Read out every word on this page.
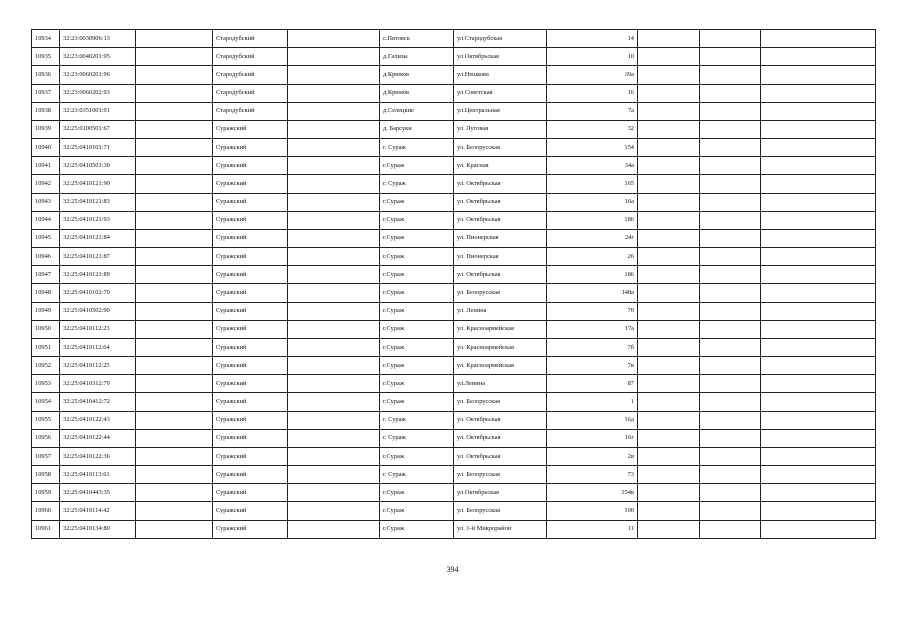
10934	32:23:0030906:13		Стародубский		с.Пятовск	ул.Стародубская	14			
10935	32:23:0040201:95		Стародубский		д.Гализы	ул.Октябрьская	10			
10936	32:23:0060201:96		Стародубский		д.Крюков	ул.Нешкова	39а			
10937	32:23:0060202:93		Стародубский		д.Крюков	ул.Советская	16			
10938	32:23:0351001:91		Стародубский		д.Селецкие	ул.Центральная	7а			
10939	32:25:0100501:67		Суражский		д. Барсуки	ул. Луговая	32			
10940	32:25:0410101:71		Суражский		г. Сураж	ул. Белорусская	154			
10941	32:25:0410501:30		Суражский		г.Сураж	ул. Красная	34а			
10942	32:25:0410121:90		Суражский		г. Сураж	ул. Октябрьская	165			
10943	32:25:0410121:83		Суражский		г.Сураж	ул. Октябрьская	16а			
10944	32:25:0410121:93		Суражский		г.Сураж	ул. Октябрьская	186			
10945	32:25:0410121:84		Суражский		г.Сураж	ул. Пионерская	24г			
10946	32:25:0410121:87		Суражский		г.Сураж	ул. Пионерская	26			
10947	32:25:0410121:89		Суражский		г.Сураж	ул. Октябрьская	186			
10948	32:25:0410102:70		Суражский		г.Сураж	ул. Белорусская	148а			
10949	32:25:0410502:90		Суражский		г.Сураж	ул. Ленина	70			
10950	32:25:0410112:23		Суражский		г.Сураж	ул. Красноармейская	17а			
10951	32:25:0410112:64		Суражский		г.Сураж	ул. Красноармейская	7б			
10952	32:25:0410112:25		Суражский		г.Сураж	ул. Красноармейская	7в			
10953	32:25:0410312:79		Суражский		г.Сураж	ул.Ленина	87			
10954	32:25:0410412:72		Суражский		г.Сураж	ул. Белорусская	1			
10955	32:25:0410122:43		Суражский		г. Сураж	ул. Октябрьская	16д			
10956	32:25:0410122:44		Суражский		г. Сураж	ул. Октябрьская	16г			
10957	32:25:0410122:36		Суражский		г.Сураж	ул. Октябрьская	2в			
10958	32:25:0410113:63		Суражский		г. Сураж	ул. Белорусская	73			
10959	32:25:0410443:35		Суражский		г.Сураж	ул.Октябрьская	154в			
10960	32:25:0410114:42		Суражский		г.Сураж	ул. Белорусская	100			
10961	32:25:0410134:80		Суражский		г.Сураж	ул. 1-й Микрорайон	11			
394
